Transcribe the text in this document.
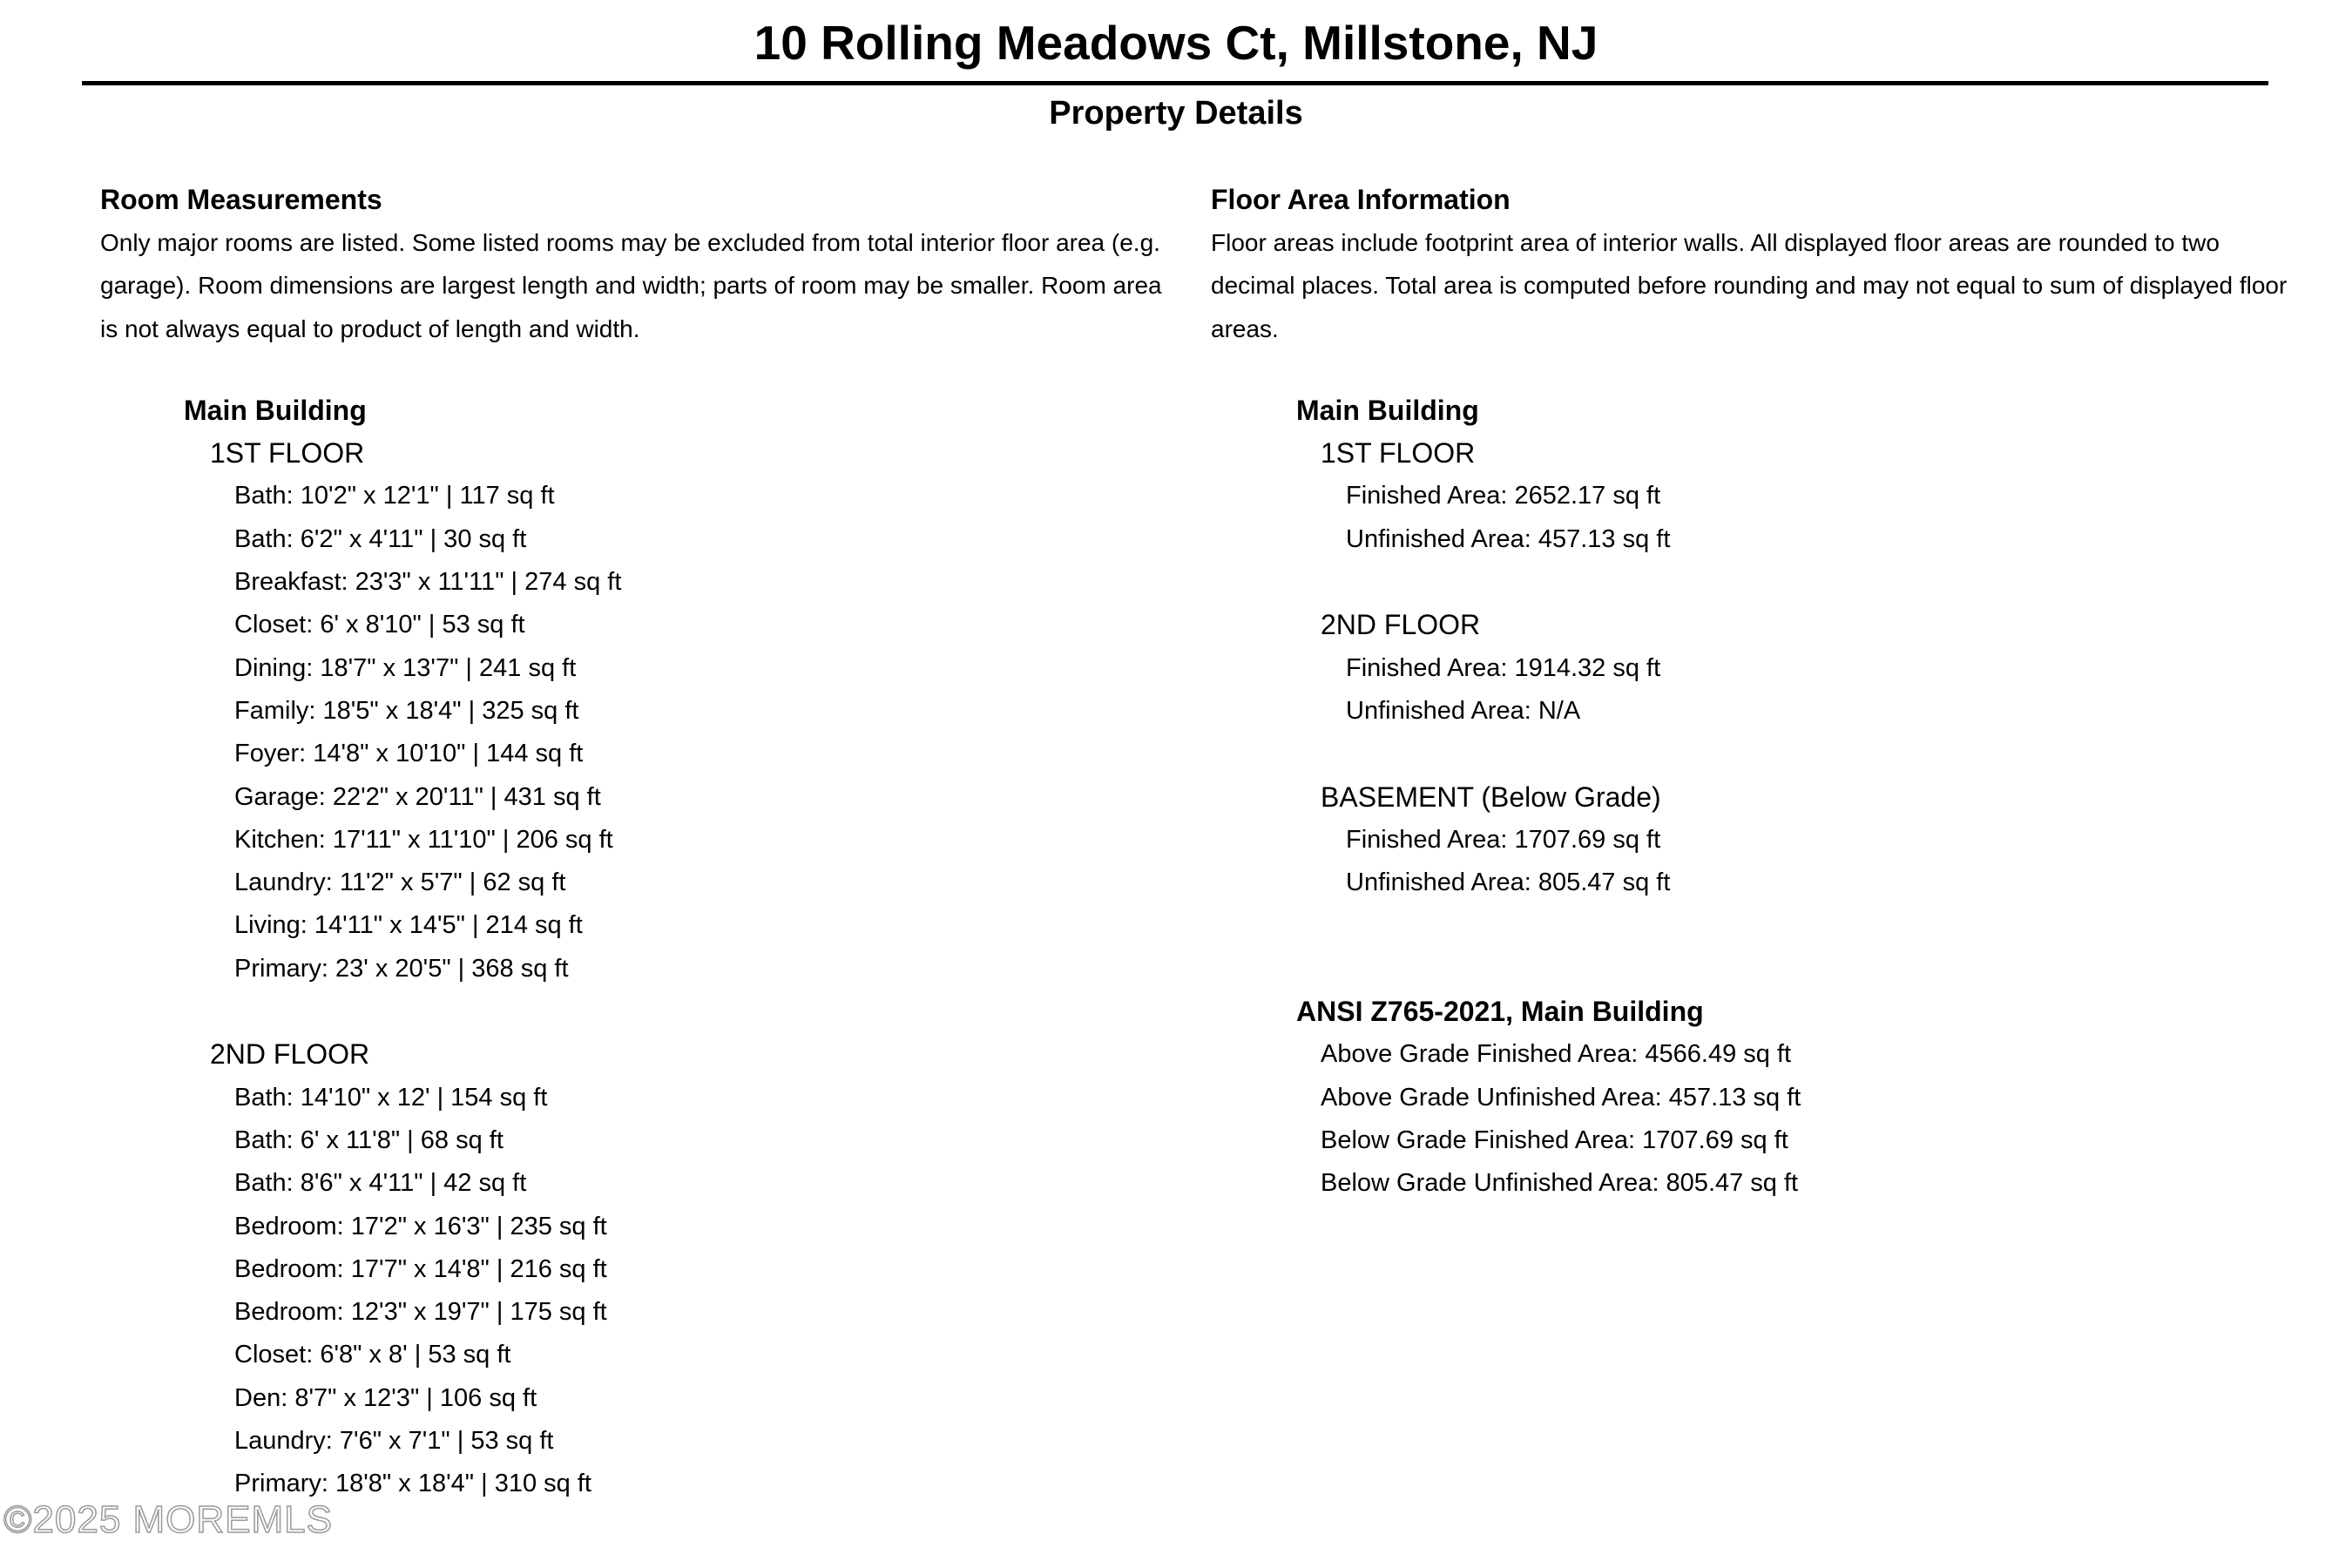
10 Rolling Meadows Ct, Millstone, NJ
Property Details
Room Measurements

Only major rooms are listed. Some listed rooms may be excluded from total interior floor area (e.g. garage). Room dimensions are largest length and width; parts of room may be smaller. Room area is not always equal to product of length and width.

Main Building
1ST FLOOR
Bath: 10'2" x 12'1" | 117 sq ft
Bath: 6'2" x 4'11" | 30 sq ft
Breakfast: 23'3" x 11'11" | 274 sq ft
Closet: 6' x 8'10" | 53 sq ft
Dining: 18'7" x 13'7" | 241 sq ft
Family: 18'5" x 18'4" | 325 sq ft
Foyer: 14'8" x 10'10" | 144 sq ft
Garage: 22'2" x 20'11" | 431 sq ft
Kitchen: 17'11" x 11'10" | 206 sq ft
Laundry: 11'2" x 5'7" | 62 sq ft
Living: 14'11" x 14'5" | 214 sq ft
Primary: 23' x 20'5" | 368 sq ft
2ND FLOOR
Bath: 14'10" x 12' | 154 sq ft
Bath: 6' x 11'8" | 68 sq ft
Bath: 8'6" x 4'11" | 42 sq ft
Bedroom: 17'2" x 16'3" | 235 sq ft
Bedroom: 17'7" x 14'8" | 216 sq ft
Bedroom: 12'3" x 19'7" | 175 sq ft
Closet: 6'8" x 8' | 53 sq ft
Den: 8'7" x 12'3" | 106 sq ft
Laundry: 7'6" x 7'1" | 53 sq ft
Primary: 18'8" x 18'4" | 310 sq ft
Floor Area Information

Floor areas include footprint area of interior walls. All displayed floor areas are rounded to two decimal places. Total area is computed before rounding and may not equal to sum of displayed floor areas.

Main Building
1ST FLOOR
Finished Area: 2652.17 sq ft
Unfinished Area: 457.13 sq ft
2ND FLOOR
Finished Area: 1914.32 sq ft
Unfinished Area: N/A
BASEMENT (Below Grade)
Finished Area: 1707.69 sq ft
Unfinished Area: 805.47 sq ft
ANSI Z765-2021, Main Building
Above Grade Finished Area: 4566.49 sq ft
Above Grade Unfinished Area: 457.13 sq ft
Below Grade Finished Area: 1707.69 sq ft
Below Grade Unfinished Area: 805.47 sq ft
©2025 MOREMLS
